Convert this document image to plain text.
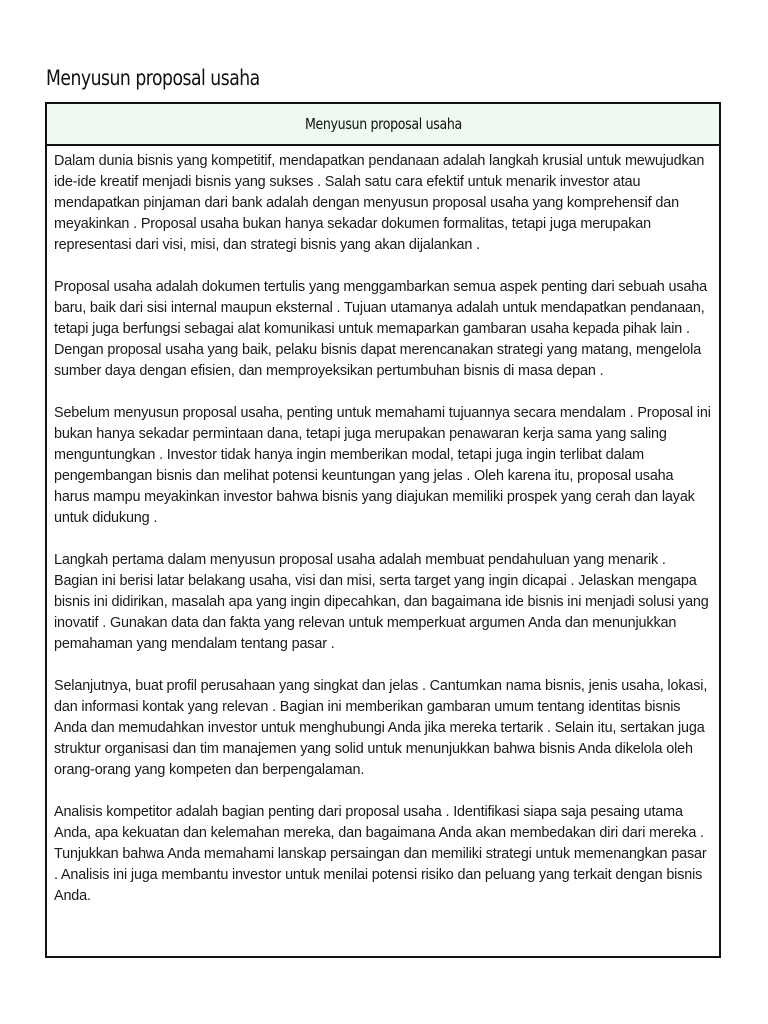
Menyusun proposal usaha
Menyusun proposal usaha

Dalam dunia bisnis yang kompetitif, mendapatkan pendanaan adalah langkah krusial untuk mewujudkan ide-ide kreatif menjadi bisnis yang sukses . Salah satu cara efektif untuk menarik investor atau mendapatkan pinjaman dari bank adalah dengan menyusun proposal usaha yang komprehensif dan meyakinkan . Proposal usaha bukan hanya sekadar dokumen formalitas, tetapi juga merupakan representasi dari visi, misi, dan strategi bisnis yang akan dijalankan .

Proposal usaha adalah dokumen tertulis yang menggambarkan semua aspek penting dari sebuah usaha baru, baik dari sisi internal maupun eksternal . Tujuan utamanya adalah untuk mendapatkan pendanaan, tetapi juga berfungsi sebagai alat komunikasi untuk memaparkan gambaran usaha kepada pihak lain . Dengan proposal usaha yang baik, pelaku bisnis dapat merencanakan strategi yang matang, mengelola sumber daya dengan efisien, dan memproyeksikan pertumbuhan bisnis di masa depan .

Sebelum menyusun proposal usaha, penting untuk memahami tujuannya secara mendalam . Proposal ini bukan hanya sekadar permintaan dana, tetapi juga merupakan penawaran kerja sama yang saling menguntungkan . Investor tidak hanya ingin memberikan modal, tetapi juga ingin terlibat dalam pengembangan bisnis dan melihat potensi keuntungan yang jelas . Oleh karena itu, proposal usaha harus mampu meyakinkan investor bahwa bisnis yang diajukan memiliki prospek yang cerah dan layak untuk didukung .

Langkah pertama dalam menyusun proposal usaha adalah membuat pendahuluan yang menarik . Bagian ini berisi latar belakang usaha, visi dan misi, serta target yang ingin dicapai . Jelaskan mengapa bisnis ini didirikan, masalah apa yang ingin dipecahkan, dan bagaimana ide bisnis ini menjadi solusi yang inovatif . Gunakan data dan fakta yang relevan untuk memperkuat argumen Anda dan menunjukkan pemahaman yang mendalam tentang pasar .

Selanjutnya, buat profil perusahaan yang singkat dan jelas . Cantumkan nama bisnis, jenis usaha, lokasi, dan informasi kontak yang relevan . Bagian ini memberikan gambaran umum tentang identitas bisnis Anda dan memudahkan investor untuk menghubungi Anda jika mereka tertarik . Selain itu, sertakan juga struktur organisasi dan tim manajemen yang solid untuk menunjukkan bahwa bisnis Anda dikelola oleh orang-orang yang kompeten dan berpengalaman.

Analisis kompetitor adalah bagian penting dari proposal usaha . Identifikasi siapa saja pesaing utama Anda, apa kekuatan dan kelemahan mereka, dan bagaimana Anda akan membedakan diri dari mereka . Tunjukkan bahwa Anda memahami lanskap persaingan dan memiliki strategi untuk memenangkan pasar . Analisis ini juga membantu investor untuk menilai potensi risiko dan peluang yang terkait dengan bisnis Anda.
